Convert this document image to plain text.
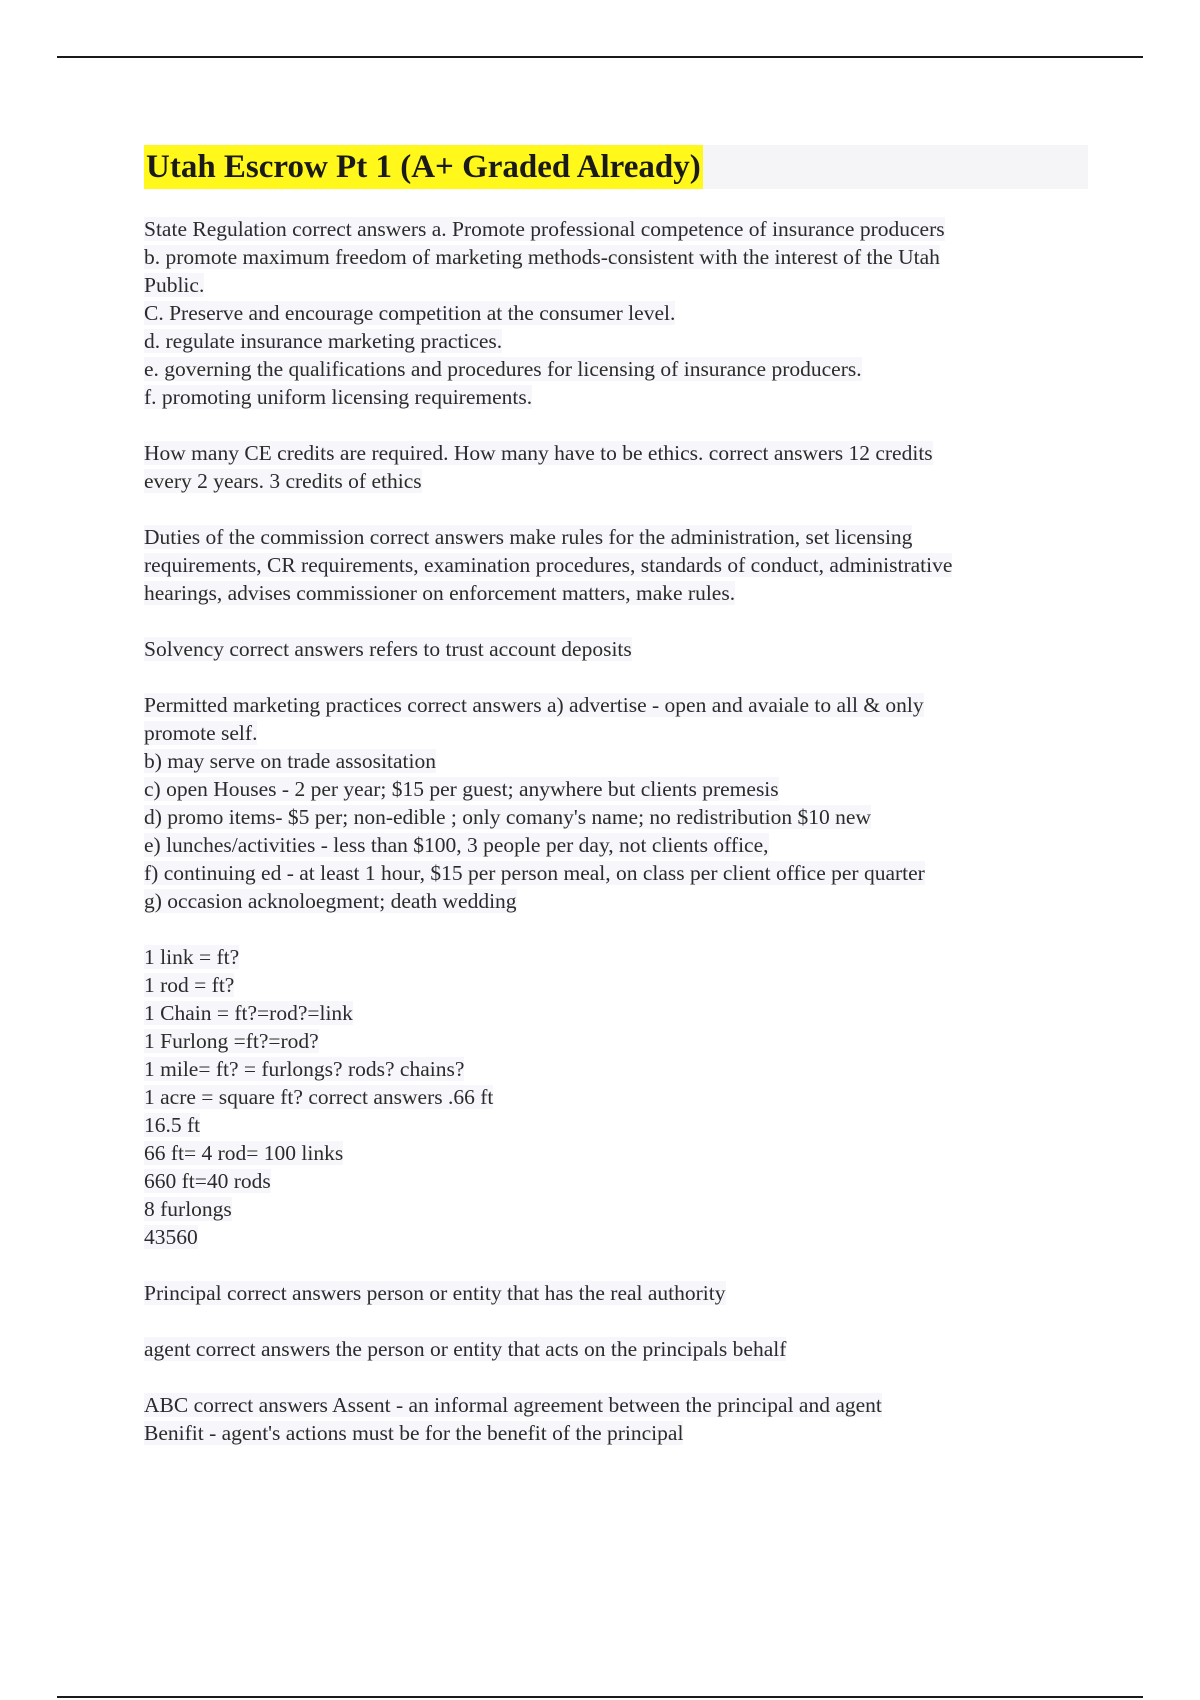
Utah Escrow Pt 1 (A+ Graded Already)
State Regulation correct answers a. Promote professional competence of insurance producers
b. promote maximum freedom of marketing methods-consistent with the interest of the Utah
Public.
C. Preserve and encourage competition at the consumer level.
d. regulate insurance marketing practices.
e. governing the qualifications and procedures for licensing of insurance producers.
f. promoting uniform licensing requirements.
How many CE credits are required. How many have to be ethics. correct answers 12 credits
every 2 years. 3 credits of ethics
Duties of the commission correct answers make rules for the administration, set licensing
requirements, CR requirements, examination procedures, standards of conduct, administrative
hearings, advises commissioner on enforcement matters, make rules.
Solvency correct answers refers to trust account deposits
Permitted marketing practices correct answers a) advertise - open and avaiale to all & only
promote self.
b) may serve on trade assositation
c) open Houses - 2 per year; $15 per guest; anywhere but clients premesis
d) promo items- $5 per; non-edible ; only comany's name; no redistribution $10 new
e) lunches/activities - less than $100, 3 people per day, not clients office,
f) continuing ed - at least 1 hour, $15 per person meal, on class per client office per quarter
g) occasion acknoloegment; death wedding
1 link = ft?
1 rod = ft?
1 Chain = ft?=rod?=link
1 Furlong =ft?=rod?
1 mile= ft? = furlongs? rods? chains?
1 acre = square ft? correct answers .66 ft
16.5 ft
66 ft= 4 rod= 100 links
660 ft=40 rods
8 furlongs
43560
Principal correct answers person or entity that has the real authority
agent correct answers the person or entity that acts on the principals behalf
ABC correct answers Assent - an informal agreement between the principal and agent
Benifit - agent's actions must be for the benefit of the principal
